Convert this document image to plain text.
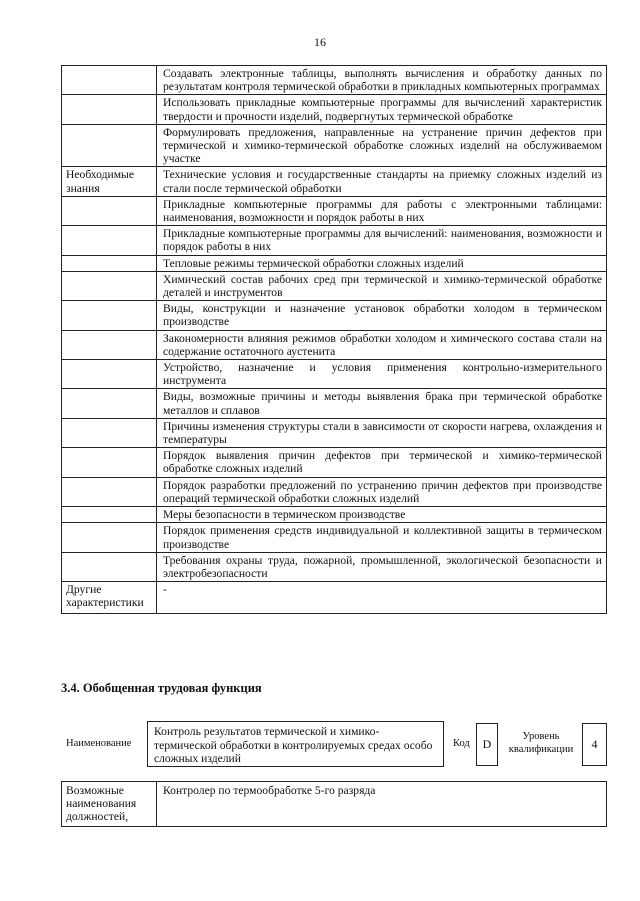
16
	Создавать электронные таблицы, выполнять вычисления и обработку данных по результатам контроля термической обработки в прикладных компьютерных программах
	Использовать прикладные компьютерные программы для вычислений характеристик твердости и прочности изделий, подвергнутых термической обработке
	Формулировать предложения, направленные на устранение причин дефектов при термической и химико-термической обработке сложных изделий на обслуживаемом участке
Необходимые знания	Технические условия и государственные стандарты на приемку сложных изделий из стали после термической обработки
	Прикладные компьютерные программы для работы с электронными таблицами: наименования, возможности и порядок работы в них
	Прикладные компьютерные программы для вычислений: наименования, возможности и порядок работы в них
	Тепловые режимы термической обработки сложных изделий
	Химический состав рабочих сред при термической и химико-термической обработке деталей и инструментов
	Виды, конструкции и назначение установок обработки холодом в термическом производстве
	Закономерности влияния режимов обработки холодом и химического состава стали на содержание остаточного аустенита
	Устройство, назначение и условия применения контрольно-измерительного инструмента
	Виды, возможные причины и методы выявления брака при термической обработке металлов и сплавов
	Причины изменения структуры стали в зависимости от скорости нагрева, охлаждения и температуры
	Порядок выявления причин дефектов при термической и химико-термической обработке сложных изделий
	Порядок разработки предложений по устранению причин дефектов при производстве операций термической обработки сложных изделий
	Меры безопасности в термическом производстве
	Порядок применения средств индивидуальной и коллективной защиты в термическом производстве
	Требования охраны труда, пожарной, промышленной, экологической безопасности и электробезопасности
Другие характеристики	-
3.4. Обобщенная трудовая функция
Наименование
Контроль результатов термической и химико-термической обработки в контролируемых средах особо сложных изделий
Код	D
Уровень квалификации	4
Возможные наименования должностей,	Контролер по термообработке 5-го разряда
